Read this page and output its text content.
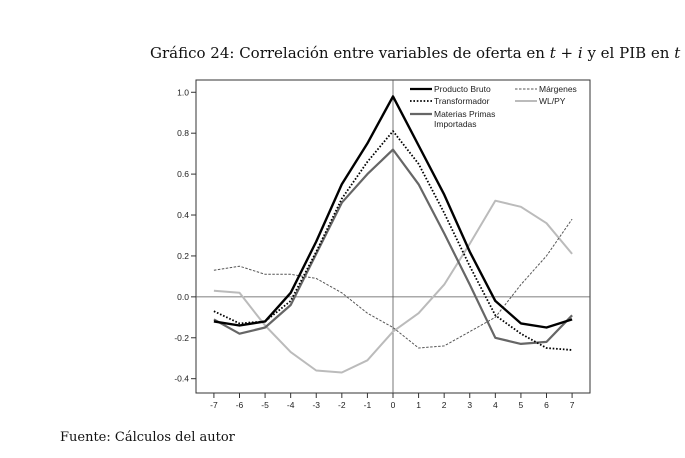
Gráfico 24: Correlación entre variables de oferta en t + i y el PIB en t
1.0
0.8
0.6
0.4
0.2
0.0
-0.2
-0.4
-7 -6 -5 -4 -3 -2 -1 0 1 2 3 4 5 6 7
Producto Bruto
Transformador
Materias Primas Importadas
Márgenes
WL/PY
Fuente: Cálculos del autor
